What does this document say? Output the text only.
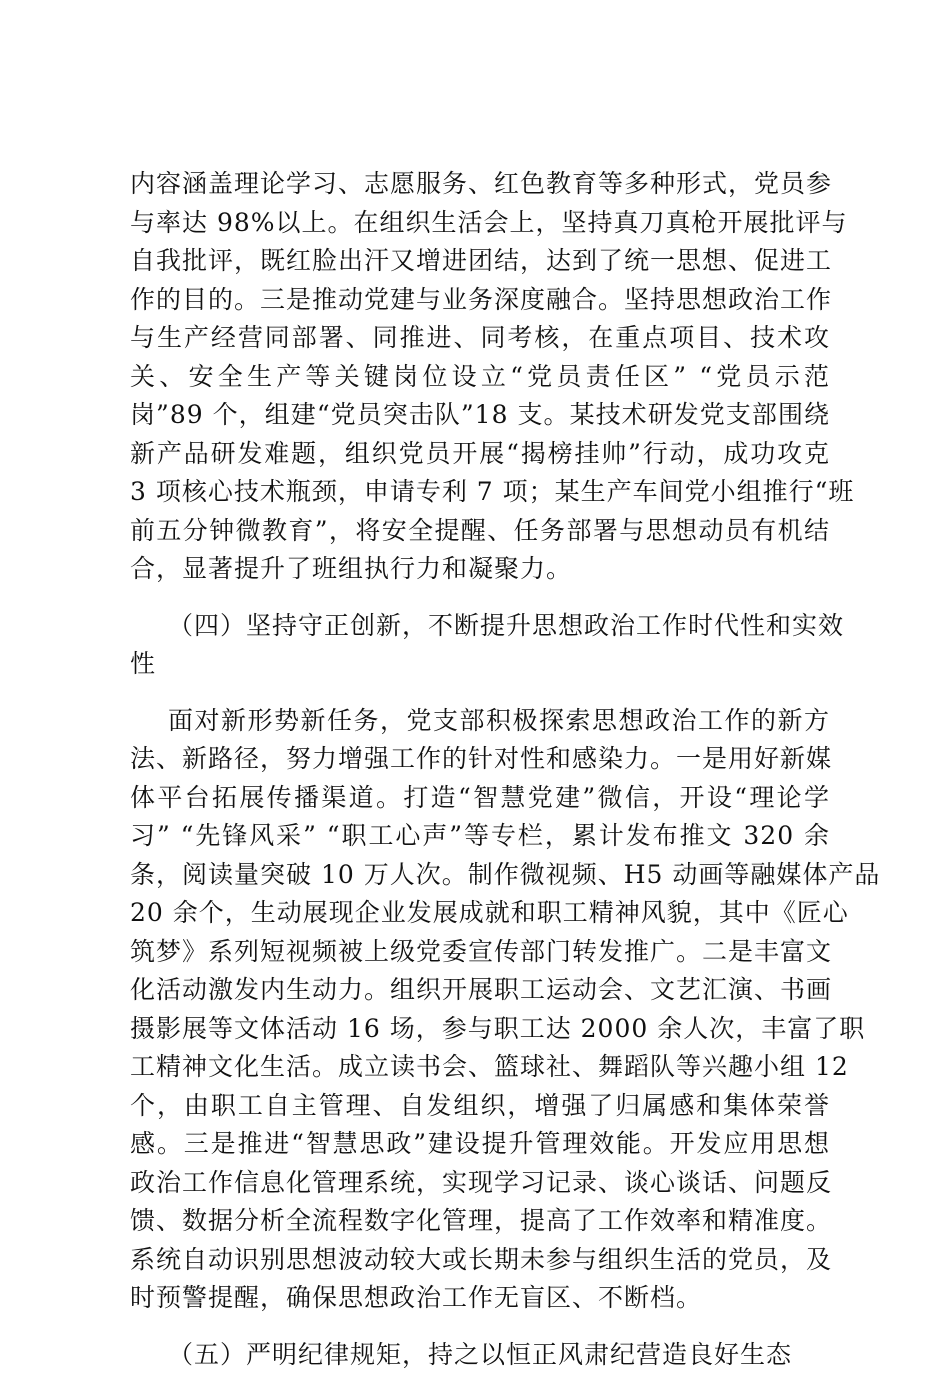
内容涵盖理论学习、志愿服务、红色教育等多种形式，党员参
与率达 98%以上。在组织生活会上，坚持真刀真枪开展批评与
自我批评，既红脸出汗又增进团结，达到了统一思想、促进工
作的目的。三是推动党建与业务深度融合。坚持思想政治工作
与生产经营同部署、同推进、同考核，在重点项目、技术攻
关、安全生产等关键岗位设立“党员责任区” “党员示范
岗”89 个，组建“党员突击队”18 支。某技术研发党支部围绕
新产品研发难题，组织党员开展“揭榜挂帅”行动，成功攻克
3 项核心技术瓶颈，申请专利 7 项；某生产车间党小组推行“班
前五分钟微教育”，将安全提醒、任务部署与思想动员有机结
合，显著提升了班组执行力和凝聚力。
（四）坚持守正创新，不断提升思想政治工作时代性和实效
性
面对新形势新任务，党支部积极探索思想政治工作的新方
法、新路径，努力增强工作的针对性和感染力。一是用好新媒
体平台拓展传播渠道。打造“智慧党建”微信，开设“理论学
习” “先锋风采” “职工心声”等专栏，累计发布推文 320 余
条，阅读量突破 10 万人次。制作微视频、H5 动画等融媒体产品
20 余个，生动展现企业发展成就和职工精神风貌，其中《匠心
筑梦》系列短视频被上级党委宣传部门转发推广。二是丰富文
化活动激发内生动力。组织开展职工运动会、文艺汇演、书画
摄影展等文体活动 16 场，参与职工达 2000 余人次，丰富了职
工精神文化生活。成立读书会、篮球社、舞蹈队等兴趣小组 12
个，由职工自主管理、自发组织，增强了归属感和集体荣誉
感。三是推进“智慧思政”建设提升管理效能。开发应用思想
政治工作信息化管理系统，实现学习记录、谈心谈话、问题反
馈、数据分析全流程数字化管理，提高了工作效率和精准度。
系统自动识别思想波动较大或长期未参与组织生活的党员，及
时预警提醒，确保思想政治工作无盲区、不断档。
（五）严明纪律规矩，持之以恒正风肃纪营造良好生态
